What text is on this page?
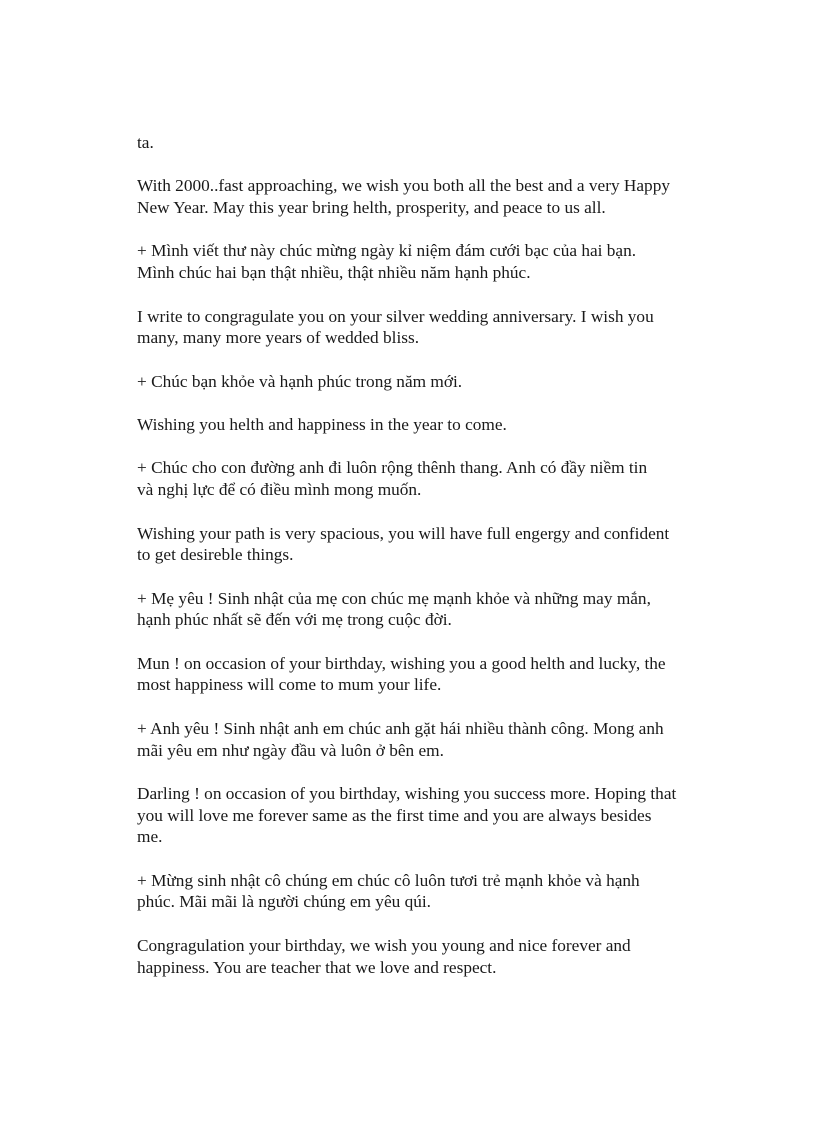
ta.

With 2000..fast approaching, we wish you both all the best and a very Happy
New Year. May this year bring helth, prosperity, and peace to us all.

+ Mình viết thư này chúc mừng ngày kỉ niệm đám cưới bạc của hai bạn.
Mình chúc hai bạn thật nhiều, thật nhiều năm hạnh phúc.

I write to congragulate you on your silver wedding anniversary. I wish you
many, many more years of wedded bliss.

+ Chúc bạn khỏe và hạnh phúc trong năm mới.

Wishing you helth and happiness in the year to come.

+ Chúc cho con đường anh đi luôn rộng thênh thang. Anh có đầy niềm tin
và nghị lực để có điều mình mong muốn.

Wishing your path is very spacious, you will have full engergy and confident
to get desireble things.

+ Mẹ yêu ! Sinh nhật của mẹ con chúc mẹ mạnh khỏe và những may mắn,
hạnh phúc nhất sẽ đến với mẹ trong cuộc đời.

Mun ! on occasion of your birthday, wishing you a good helth and lucky, the
most happiness will come to mum your life.

+ Anh yêu ! Sinh nhật anh em chúc anh gặt hái nhiều thành công. Mong anh
mãi yêu em như ngày đầu và luôn ở bên em.

Darling ! on occasion of you birthday, wishing you success more. Hoping that
you will love me forever same as the first time and you are always besides
me.

+ Mừng sinh nhật cô chúng em chúc cô luôn tươi trẻ mạnh khỏe và hạnh
phúc. Mãi mãi là người chúng em yêu qúi.

Congragulation your birthday, we wish you young and nice forever and
happiness. You are teacher that we love and respect.
